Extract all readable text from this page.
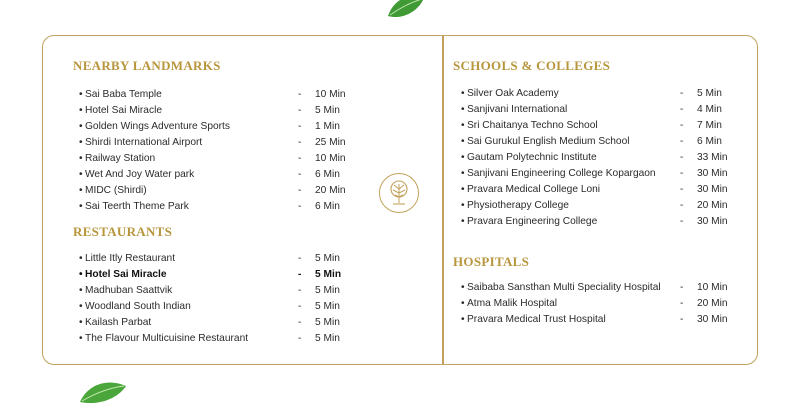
NEARBY LANDMARKS
• Sai Baba Temple	- 10 Min
• Hotel Sai Miracle	- 5 Min
• Golden Wings Adventure Sports	- 1 Min
• Shirdi International Airport	- 25 Min
• Railway Station	- 10 Min
• Wet And Joy Water park	- 6 Min
• MIDC (Shirdi)	- 20 Min
• Sai Teerth Theme Park	- 6 Min
RESTAURANTS
• Little Itly Restaurant	- 5 Min
• Hotel Sai Miracle	- 5 Min
• Madhuban Saattvik	- 5 Min
• Woodland South Indian	- 5 Min
• Kailash Parbat	- 5 Min
• The Flavour Multicuisine Restaurant	- 5 Min
SCHOOLS & COLLEGES
• Silver Oak Academy	- 5 Min
• Sanjivani International	- 4 Min
• Sri Chaitanya Techno School	- 7 Min
• Sai Gurukul English Medium School	- 6 Min
• Gautam Polytechnic Institute	- 33 Min
• Sanjivani Engineering College Kopargaon - 30 Min
• Pravara Medical College Loni	- 30 Min
• Physiotherapy College	- 20 Min
• Pravara Engineering College	- 30 Min
HOSPITALS
• Saibaba Sansthan Multi Speciality Hospital - 10 Min
• Atma Malik Hospital	- 20 Min
• Pravara Medical Trust Hospital	- 30 Min
